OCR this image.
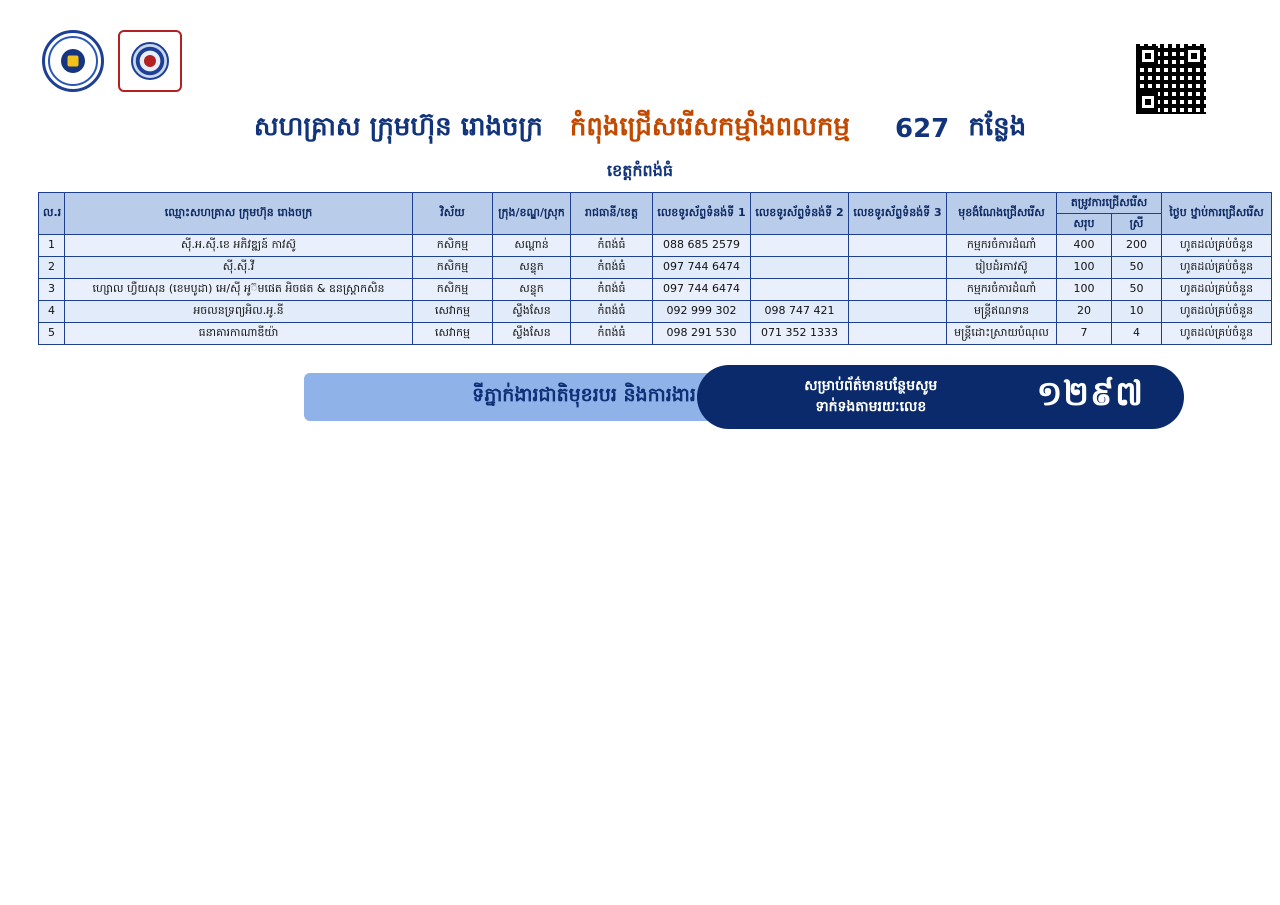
សហគ្រាស ក្រុមហ៊ុន រោងចក្រ កំពុងជ្រើសរើសកម្មាំងពលកម្ម 627 កន្លែង
ខេត្តកំពង់ធំ
ល.រ	ឈ្មោះសហគ្រាស ក្រុមហ៊ុន រោងចក្រ	វិស័យ	ក្រុង/ខណ្ឌ/ស្រុក	រាជធានី/ខេត្ត	លេខទូរស័ព្ទទំនង់ទី 1	លេខទូរស័ព្ទទំនង់ទី 2	លេខទូរស័ព្ទទំនង់ទី 3	មុខងំណែងជ្រើសរើស	តម្រូវការជ្រើសរើស		ថ្ងៃប ឋ្នាប់ការជ្រើសរើស
									សរុប	ស្រី	
1	ស៊ី.អ.ស៊ី.ខេ អភិវឌ្ឍន៍ កាវស៊ូ	កសិកម្ម	សណ្ដាន់	កំពង់ធំ	088 685 2579			កម្មករចំការដំណាំ	400	200	ហូតដល់គ្រប់ចំនួន
2	ស៊ី.ស៊ី.វី	កសិកម្ម	សន្ទុក	កំពង់ធំ	097 744 6474			រៀបដំរកាវស៊ូ	100	50	ហូតដល់គ្រប់ចំនួន
3	ហ្សោល ហ្វឺយសុន (ខេមបូដា) អេ/ស៊ី អូ៊មផេត អិចផត & ឧនស្រ្តាកសិន	កសិកម្ម	សន្ទុក	កំពង់ធំ	097 744 6474			កម្មករចំការដំណាំ	100	50	ហូតដល់គ្រប់ចំនួន
4	អចលនទ្រព្យអិល.អូ.នី	សេវាកម្ម	ស្ទឹងសែន	កំពង់ធំ	092 999 302	098 747 421		មន្ត្រីឥណទាន	20	10	ហូតដល់គ្រប់ចំនួន
5	ធនាគារកាណាឌីយ៉ា	សេវាកម្ម	ស្ទឹងសែន	កំពង់ធំ	098 291 530	071 352 1333		មន្ត្រីដោះស្រាយបំណុល	7	4	ហូតដល់គ្រប់ចំនួន
ទីភ្នាក់ងារជាតិមុខរបរ និងការងារ	សម្រាប់ព័ត៌មានបន្ថែមសូម
ទាក់ទងតាមរយៈលេខ	១២៩៧
